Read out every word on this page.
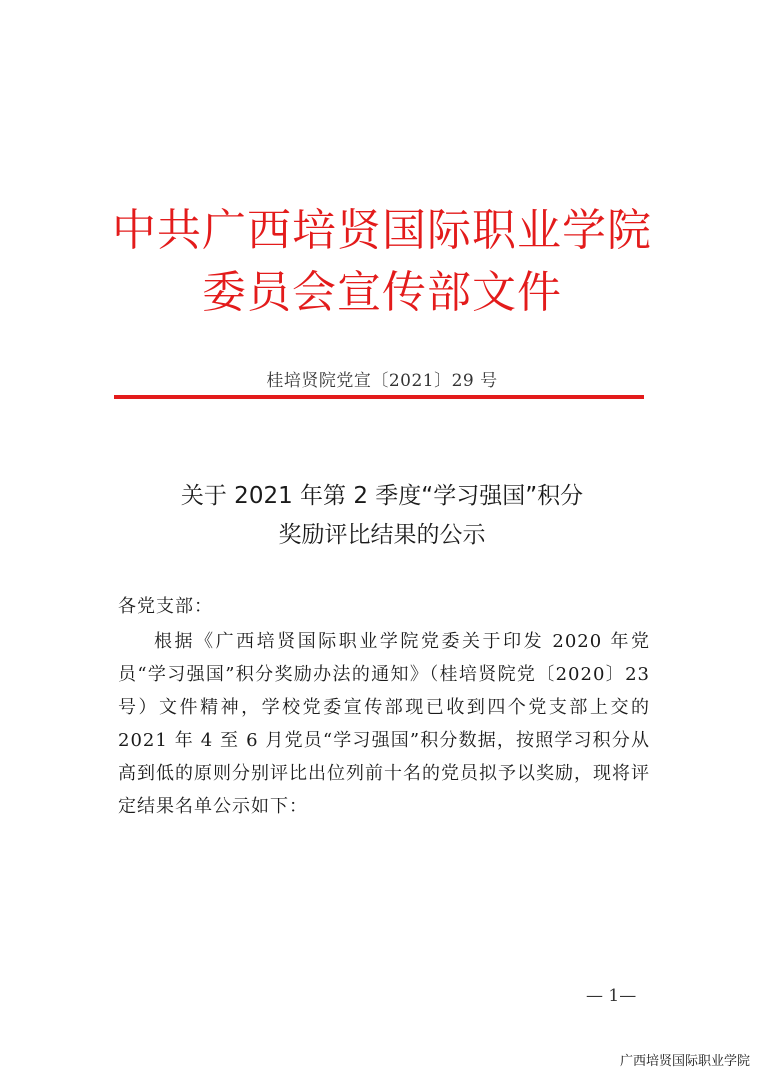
中共广西培贤国际职业学院
委员会宣传部文件
桂培贤院党宣〔2021〕29 号
关于 2021 年第 2 季度“学习强国”积分
奖励评比结果的公示
各党支部：
根据《广西培贤国际职业学院党委关于印发 2020 年党员“学习强国”积分奖励办法的通知》（桂培贤院党〔2020〕23 号）文件精神，学校党委宣传部现已收到四个党支部上交的 2021 年 4 至 6 月党员“学习强国”积分数据，按照学习积分从高到低的原则分别评比出位列前十名的党员拟予以奖励，现将评定结果名单公示如下：
— 1—
广西培贤国际职业学院
